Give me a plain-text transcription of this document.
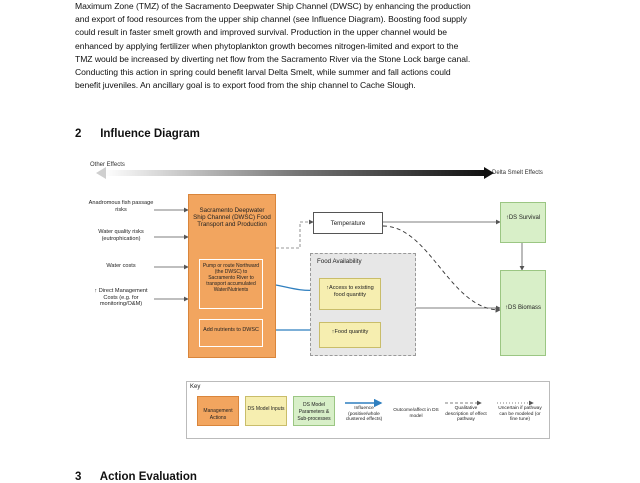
Maximum Zone (TMZ) of the Sacramento Deepwater Ship Channel (DWSC) by enhancing the production
and export of food resources from the upper ship channel (see Influence Diagram). Boosting food supply
could result in faster smelt growth and improved survival. Production in the upper channel would be
enhanced by applying fertilizer when phytoplankton growth becomes nitrogen-limited and export to the
TMZ would be increased by diverting net flow from the Sacramento River via the Stone Lock barge canal.
Conducting this action in spring could benefit larval Delta Smelt, while summer and fall actions could
benefit juveniles. An ancillary goal is to export food from the ship channel to Cache Slough.
2 Influence Diagram
Other Effects
Delta Smelt Effects
Anadromous fish passage risks
Water quality risks (eutrophication)
Water costs
↑ Direct Management Costs (e.g. for monitoring/O&M)
Sacramento Deepwater Ship Channel (DWSC) Food Transport and Production
Pump or route Northward (the DWSC) to Sacramento River to transport accumulated Water/Nutrients
Add nutrients to DWSC
Temperature
Food Availability
↑Access to existing food quantity
↑Food quantity
↑DS Survival
↑DS Biomass
Key
Management Actions
DS Model Inputs
DS Model Parameters & Sub-processes
Influence (positive/whole clustered effects)
Outcome/affect in DS model
Qualitative description of effect pathway
Uncertain if pathway can be modeled (or fine tune)
3 Action Evaluation
